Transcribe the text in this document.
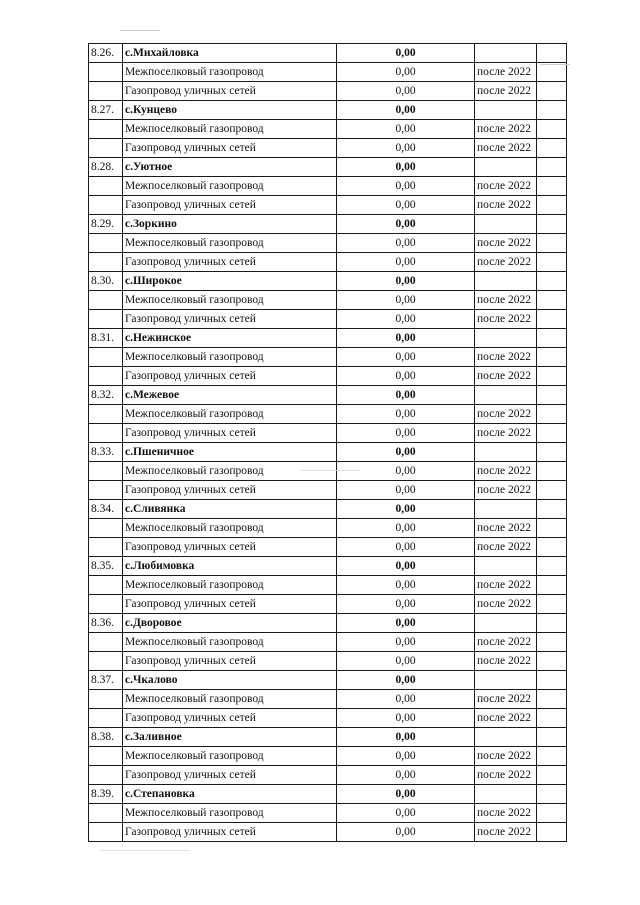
8.26.	с.Михайловка	0,00		
	Межпоселковый газопровод	0,00	после 2022	
	Газопровод уличных сетей	0,00	после 2022	
8.27.	с.Кунцево	0,00		
	Межпоселковый газопровод	0,00	после 2022	
	Газопровод уличных сетей	0,00	после 2022	
8.28.	с.Уютное	0,00		
	Межпоселковый газопровод	0,00	после 2022	
	Газопровод уличных сетей	0,00	после 2022	
8.29.	с.Зоркино	0,00		
	Межпоселковый газопровод	0,00	после 2022	
	Газопровод уличных сетей	0,00	после 2022	
8.30.	с.Широкое	0,00		
	Межпоселковый газопровод	0,00	после 2022	
	Газопровод уличных сетей	0,00	после 2022	
8.31.	с.Нежинское	0,00		
	Межпоселковый газопровод	0,00	после 2022	
	Газопровод уличных сетей	0,00	после 2022	
8.32.	с.Межевое	0,00		
	Межпоселковый газопровод	0,00	после 2022	
	Газопровод уличных сетей	0,00	после 2022	
8.33.	с.Пшеничное	0,00		
	Межпоселковый газопровод	0,00	после 2022	
	Газопровод уличных сетей	0,00	после 2022	
8.34.	с.Сливянка	0,00		
	Межпоселковый газопровод	0,00	после 2022	
	Газопровод уличных сетей	0,00	после 2022	
8.35.	с.Любимовка	0,00		
	Межпоселковый газопровод	0,00	после 2022	
	Газопровод уличных сетей	0,00	после 2022	
8.36.	с.Дворовое	0,00		
	Межпоселковый газопровод	0,00	после 2022	
	Газопровод уличных сетей	0,00	после 2022	
8.37.	с.Чкалово	0,00		
	Межпоселковый газопровод	0,00	после 2022	
	Газопровод уличных сетей	0,00	после 2022	
8.38.	с.Заливное	0,00		
	Межпоселковый газопровод	0,00	после 2022	
	Газопровод уличных сетей	0,00	после 2022	
8.39.	с.Степановка	0,00		
	Межпоселковый газопровод	0,00	после 2022	
	Газопровод уличных сетей	0,00	после 2022	
